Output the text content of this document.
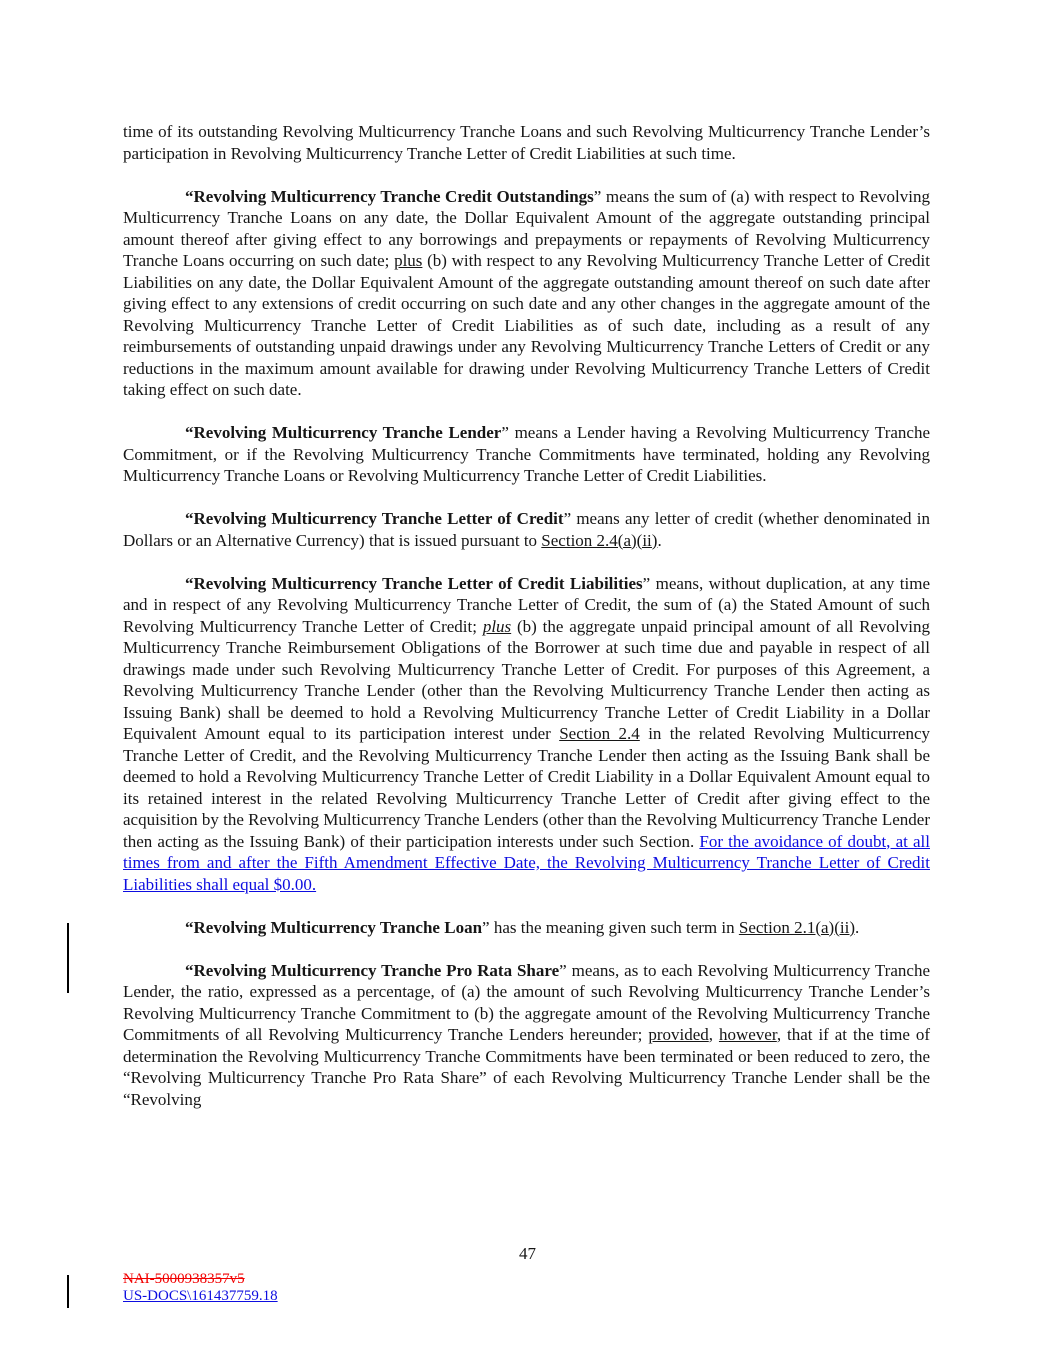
time of its outstanding Revolving Multicurrency Tranche Loans and such Revolving Multicurrency Tranche Lender’s participation in Revolving Multicurrency Tranche Letter of Credit Liabilities at such time.

“Revolving Multicurrency Tranche Credit Outstandings” means the sum of (a) with respect to Revolving Multicurrency Tranche Loans on any date, the Dollar Equivalent Amount of the aggregate outstanding principal amount thereof after giving effect to any borrowings and prepayments or repayments of Revolving Multicurrency Tranche Loans occurring on such date; plus (b) with respect to any Revolving Multicurrency Tranche Letter of Credit Liabilities on any date, the Dollar Equivalent Amount of the aggregate outstanding amount thereof on such date after giving effect to any extensions of credit occurring on such date and any other changes in the aggregate amount of the Revolving Multicurrency Tranche Letter of Credit Liabilities as of such date, including as a result of any reimbursements of outstanding unpaid drawings under any Revolving Multicurrency Tranche Letters of Credit or any reductions in the maximum amount available for drawing under Revolving Multicurrency Tranche Letters of Credit taking effect on such date.

“Revolving Multicurrency Tranche Lender” means a Lender having a Revolving Multicurrency Tranche Commitment, or if the Revolving Multicurrency Tranche Commitments have terminated, holding any Revolving Multicurrency Tranche Loans or Revolving Multicurrency Tranche Letter of Credit Liabilities.

“Revolving Multicurrency Tranche Letter of Credit” means any letter of credit (whether denominated in Dollars or an Alternative Currency) that is issued pursuant to Section 2.4(a)(ii).

“Revolving Multicurrency Tranche Letter of Credit Liabilities” means, without duplication, at any time and in respect of any Revolving Multicurrency Tranche Letter of Credit, the sum of (a) the Stated Amount of such Revolving Multicurrency Tranche Letter of Credit; plus (b) the aggregate unpaid principal amount of all Revolving Multicurrency Tranche Reimbursement Obligations of the Borrower at such time due and payable in respect of all drawings made under such Revolving Multicurrency Tranche Letter of Credit. For purposes of this Agreement, a Revolving Multicurrency Tranche Lender (other than the Revolving Multicurrency Tranche Lender then acting as Issuing Bank) shall be deemed to hold a Revolving Multicurrency Tranche Letter of Credit Liability in a Dollar Equivalent Amount equal to its participation interest under Section 2.4 in the related Revolving Multicurrency Tranche Letter of Credit, and the Revolving Multicurrency Tranche Lender then acting as the Issuing Bank shall be deemed to hold a Revolving Multicurrency Tranche Letter of Credit Liability in a Dollar Equivalent Amount equal to its retained interest in the related Revolving Multicurrency Tranche Letter of Credit after giving effect to the acquisition by the Revolving Multicurrency Tranche Lenders (other than the Revolving Multicurrency Tranche Lender then acting as the Issuing Bank) of their participation interests under such Section. For the avoidance of doubt, at all times from and after the Fifth Amendment Effective Date, the Revolving Multicurrency Tranche Letter of Credit Liabilities shall equal $0.00.

“Revolving Multicurrency Tranche Loan” has the meaning given such term in Section 2.1(a)(ii).

“Revolving Multicurrency Tranche Pro Rata Share” means, as to each Revolving Multicurrency Tranche Lender, the ratio, expressed as a percentage, of (a) the amount of such Revolving Multicurrency Tranche Lender’s Revolving Multicurrency Tranche Commitment to (b) the aggregate amount of the Revolving Multicurrency Tranche Commitments of all Revolving Multicurrency Tranche Lenders hereunder; provided, however, that if at the time of determination the Revolving Multicurrency Tranche Commitments have been terminated or been reduced to zero, the “Revolving Multicurrency Tranche Pro Rata Share” of each Revolving Multicurrency Tranche Lender shall be the “Revolving

47
NAI-5000938357v5
US-DOCS\161437759.18
